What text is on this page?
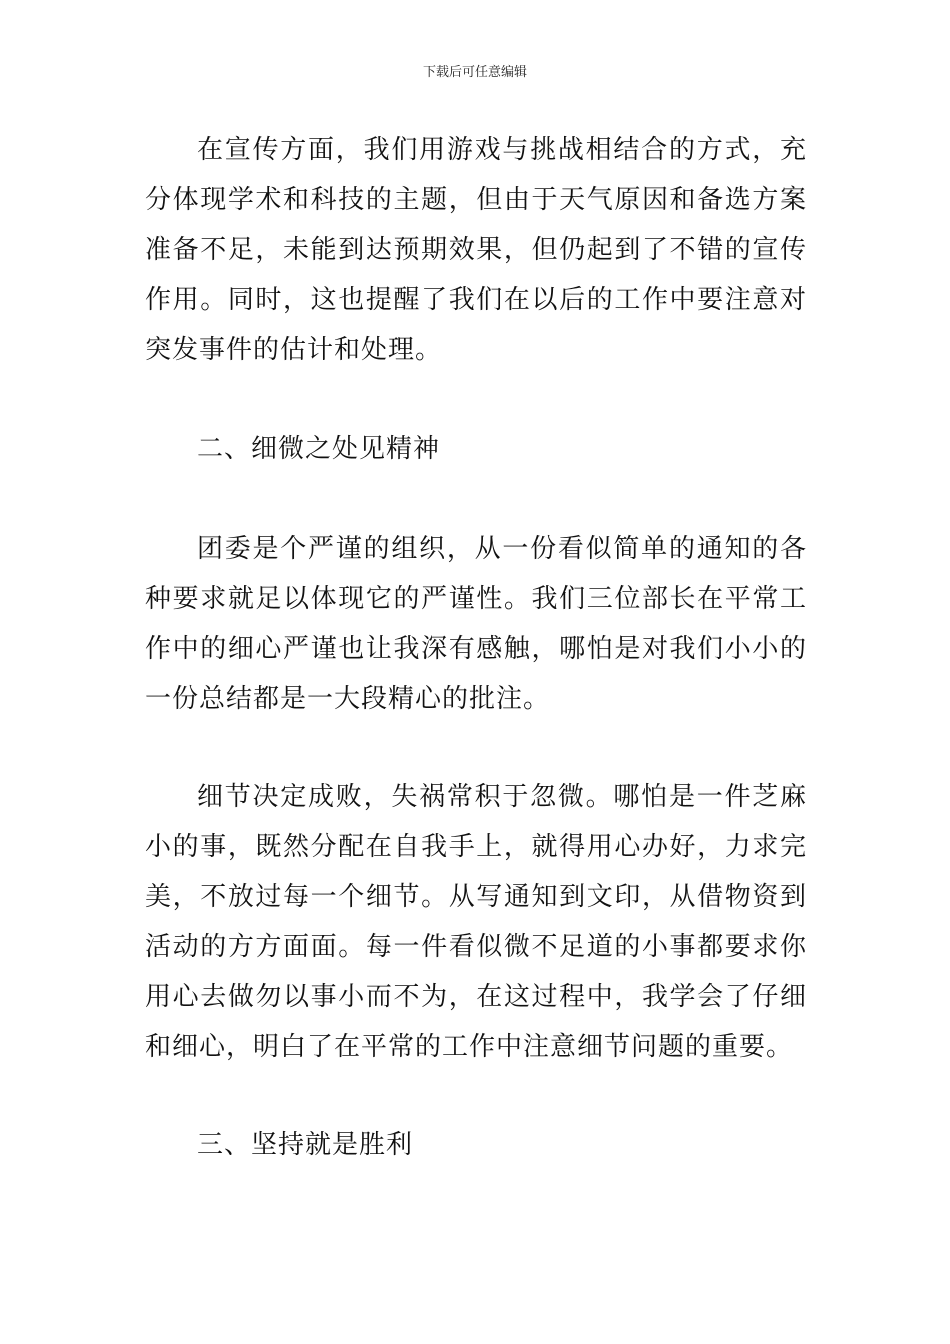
下载后可任意编辑

在宣传方面，我们用游戏与挑战相结合的方式，充分体现学术和科技的主题，但由于天气原因和备选方案准备不足，未能到达预期效果，但仍起到了不错的宣传作用。同时，这也提醒了我们在以后的工作中要注意对突发事件的估计和处理。

二、细微之处见精神

团委是个严谨的组织，从一份看似简单的通知的各种要求就足以体现它的严谨性。我们三位部长在平常工作中的细心严谨也让我深有感触，哪怕是对我们小小的一份总结都是一大段精心的批注。

细节决定成败，失祸常积于忽微。哪怕是一件芝麻小的事，既然分配在自我手上，就得用心办好，力求完美，不放过每一个细节。从写通知到文印，从借物资到活动的方方面面。每一件看似微不足道的小事都要求你用心去做勿以事小而不为，在这过程中，我学会了仔细和细心，明白了在平常的工作中注意细节问题的重要。

三、坚持就是胜利
